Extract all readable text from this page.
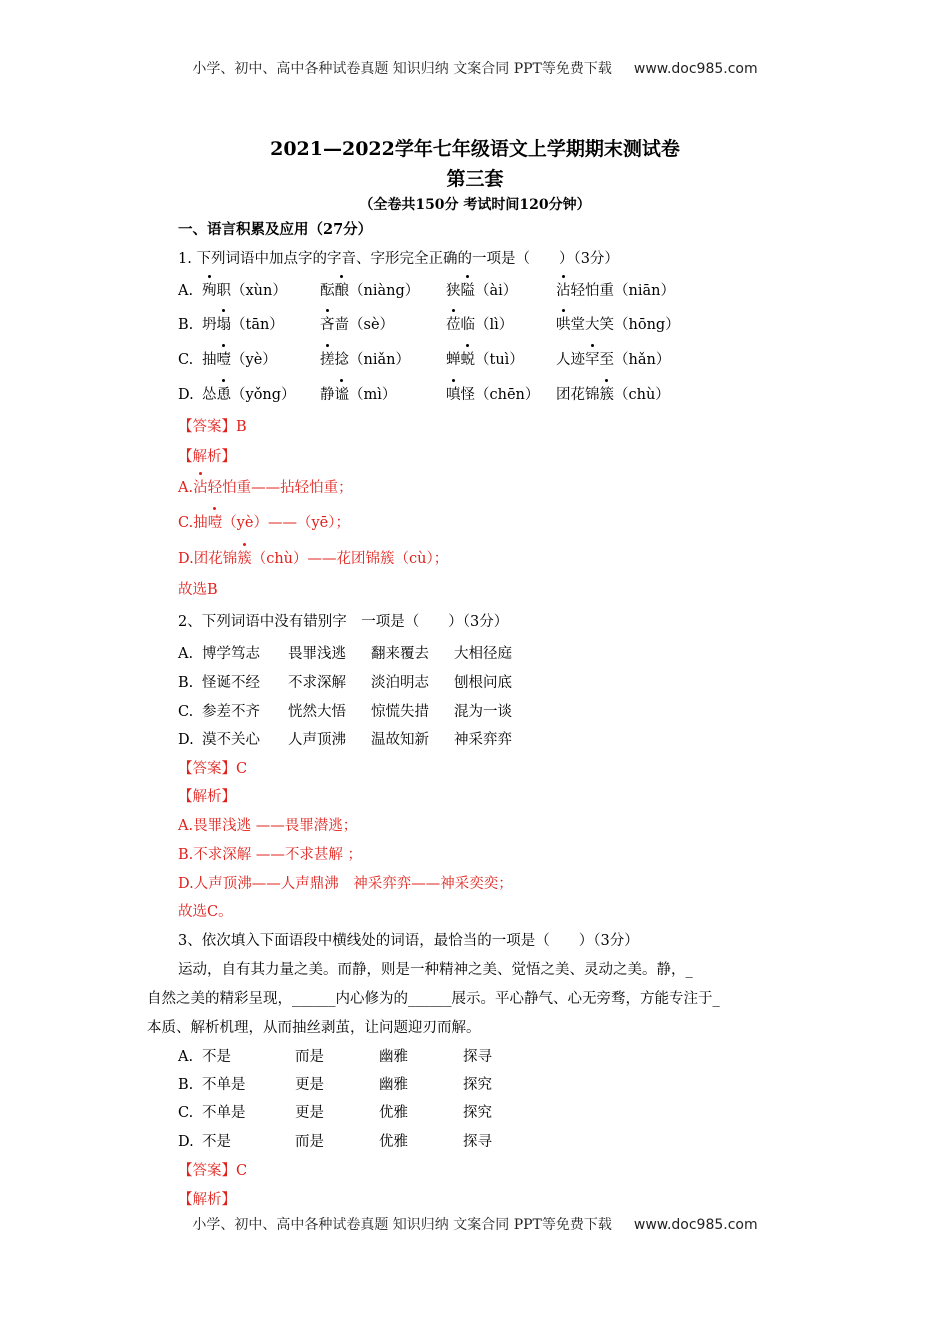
小学、初中、高中各种试卷真题 知识归纳 文案合同 PPT等免费下载 www.doc985.com
2021—2022学年七年级语文上学期期末测试卷
第三套
（全卷共150分 考试时间120分钟）
一、语言积累及应用（27分）
1. 下列词语中加点字的字音、字形完全正确的一项是（　　）（3分）
A. 殉职（xùn） 酝酿（niàng） 狭隘（ài）	沾轻怕重（niān）
B. 坍塌（tān） 吝啬（sè）	莅临（lì）	哄堂大笑（hōng）
C. 抽噎（yè）	搓捻（niǎn） 蝉蜕（tuì） 人迹罕至（hǎn）
D. 怂恿（yǒng） 静谧（mì）	嗔怪（chēn） 团花锦簇（chù）
【答案】B
【解析】
A.沾轻怕重——拈轻怕重；
C.抽噎（yè）——（yē）；
D.团花锦簇（chù）——花团锦簇（cù）；
故选B
2、下列词语中没有错别字　一项是（　　）（3分）
A. 博学笃志 畏罪浅逃 翻来覆去 大相径庭
B. 怪诞不经 不求深解 淡泊明志 刨根问底
C. 参差不齐 恍然大悟 惊慌失措 混为一谈
D. 漠不关心 人声顶沸 温故知新 神采弈弈
【答案】C
【解析】
A.畏罪浅逃 ——畏罪潜逃；
B.不求深解 ——不求甚解 ；
D.人声顶沸——人声鼎沸　神采弈弈——神采奕奕；
故选C。
3、依次填入下面语段中横线处的词语，最恰当的一项是（　　）（3分）
运动，自有其力量之美。而静，则是一种精神之美、觉悟之美、灵动之美。静，_
自然之美的精彩呈现，______内心修为的______展示。平心静气、心无旁骛，方能专注于_
本质、解析机理，从而抽丝剥茧，让问题迎刃而解。
A. 不是	而是	幽雅	探寻
B. 不单是	更是	幽雅	探究
C. 不单是	更是	优雅	探究
D. 不是	而是	优雅	探寻
【答案】C
【解析】
小学、初中、高中各种试卷真题 知识归纳 文案合同 PPT等免费下载 www.doc985.com
